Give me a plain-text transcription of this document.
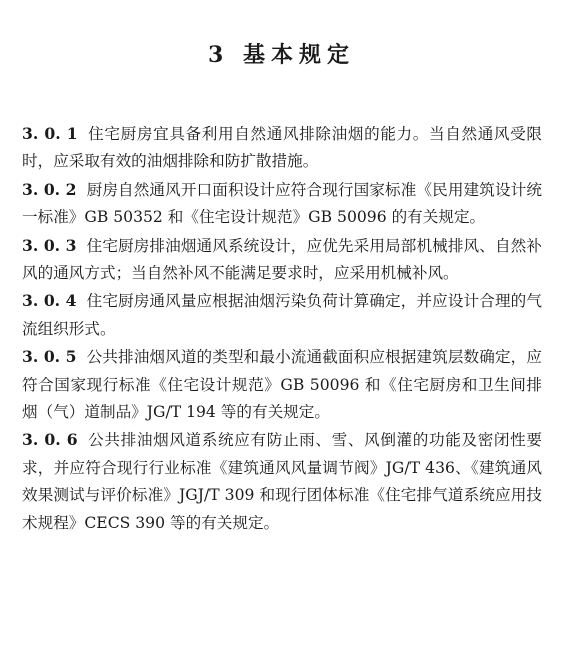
3 基本规定
3. 0. 1 住宅厨房宜具备利用自然通风排除油烟的能力。当自然通风受限时，应采取有效的油烟排除和防扩散措施。
3. 0. 2 厨房自然通风开口面积设计应符合现行国家标准《民用建筑设计统一标准》GB 50352 和《住宅设计规范》GB 50096 的有关规定。
3. 0. 3 住宅厨房排油烟通风系统设计，应优先采用局部机械排风、自然补风的通风方式；当自然补风不能满足要求时，应采用机械补风。
3. 0. 4 住宅厨房通风量应根据油烟污染负荷计算确定，并应设计合理的气流组织形式。
3. 0. 5 公共排油烟风道的类型和最小流通截面积应根据建筑层数确定，应符合国家现行标准《住宅设计规范》GB 50096 和《住宅厨房和卫生间排烟（气）道制品》JG/T 194 等的有关规定。
3. 0. 6 公共排油烟风道系统应有防止雨、雪、风倒灌的功能及密闭性要求，并应符合现行行业标准《建筑通风风量调节阀》JG/T 436、《建筑通风效果测试与评价标准》JGJ/T 309 和现行团体标准《住宅排气道系统应用技术规程》CECS 390 等的有关规定。
